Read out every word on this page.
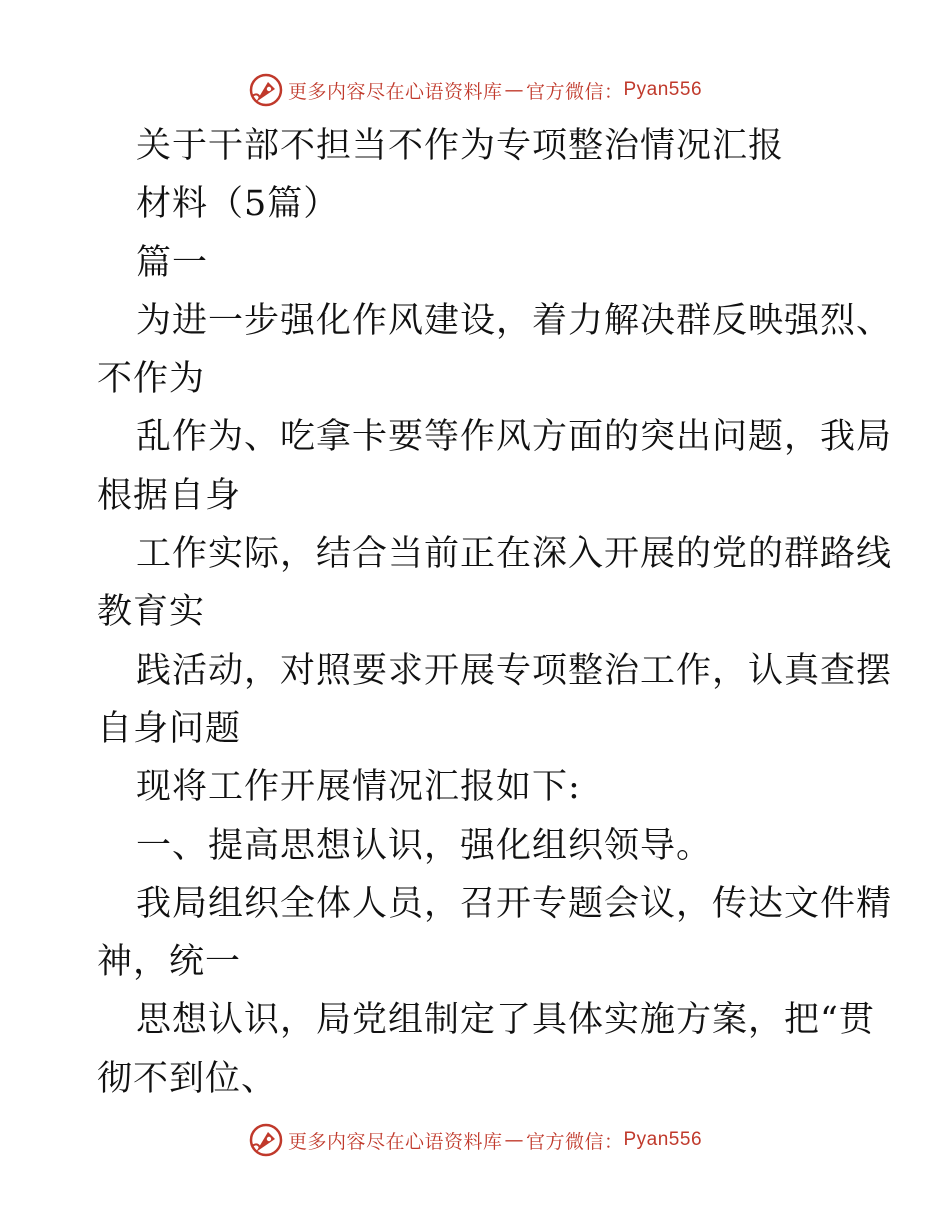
更多内容尽在心语资料库 — 官方微信： Pyan556
关于干部不担当不作为专项整治情况汇报
材料（5篇）
篇一
为进一步强化作风建设，着力解决群反映强烈、
不作为
乱作为、吃拿卡要等作风方面的突出问题，我局
根据自身
工作实际，结合当前正在深入开展的党的群路线
教育实
践活动，对照要求开展专项整治工作，认真查摆
自身问题
现将工作开展情况汇报如下:
一、提高思想认识，强化组织领导。
我局组织全体人员，召开专题会议，传达文件精
神，统一
思想认识，局党组制定了具体实施方案，把“贯
彻不到位、
更多内容尽在心语资料库 — 官方微信： Pyan556
